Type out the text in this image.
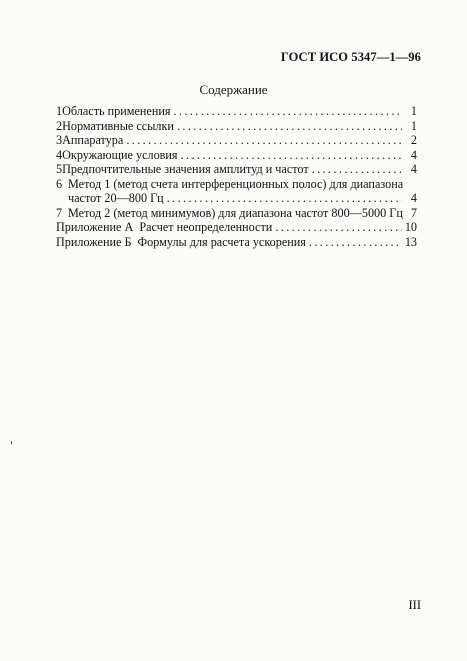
ГОСТ ИСО 5347—1—96
Содержание
1 Область применения .....	1
2 Нормативные ссылки .....	1
3 Аппаратура .....	2
4 Окружающие условия .....	4
5 Предпочтительные значения амплитуд и частот .....	4
6 Метод 1 (метод счета интерференционных полос) для диапазона
частот 20—800 Гц .....	4
7 Метод 2 (метод минимумов) для диапазона частот 800—5000 Гц 7
Приложение А  Расчет неопределенности .....	10
Приложение Б  Формулы для расчета ускорения .....	13
III
